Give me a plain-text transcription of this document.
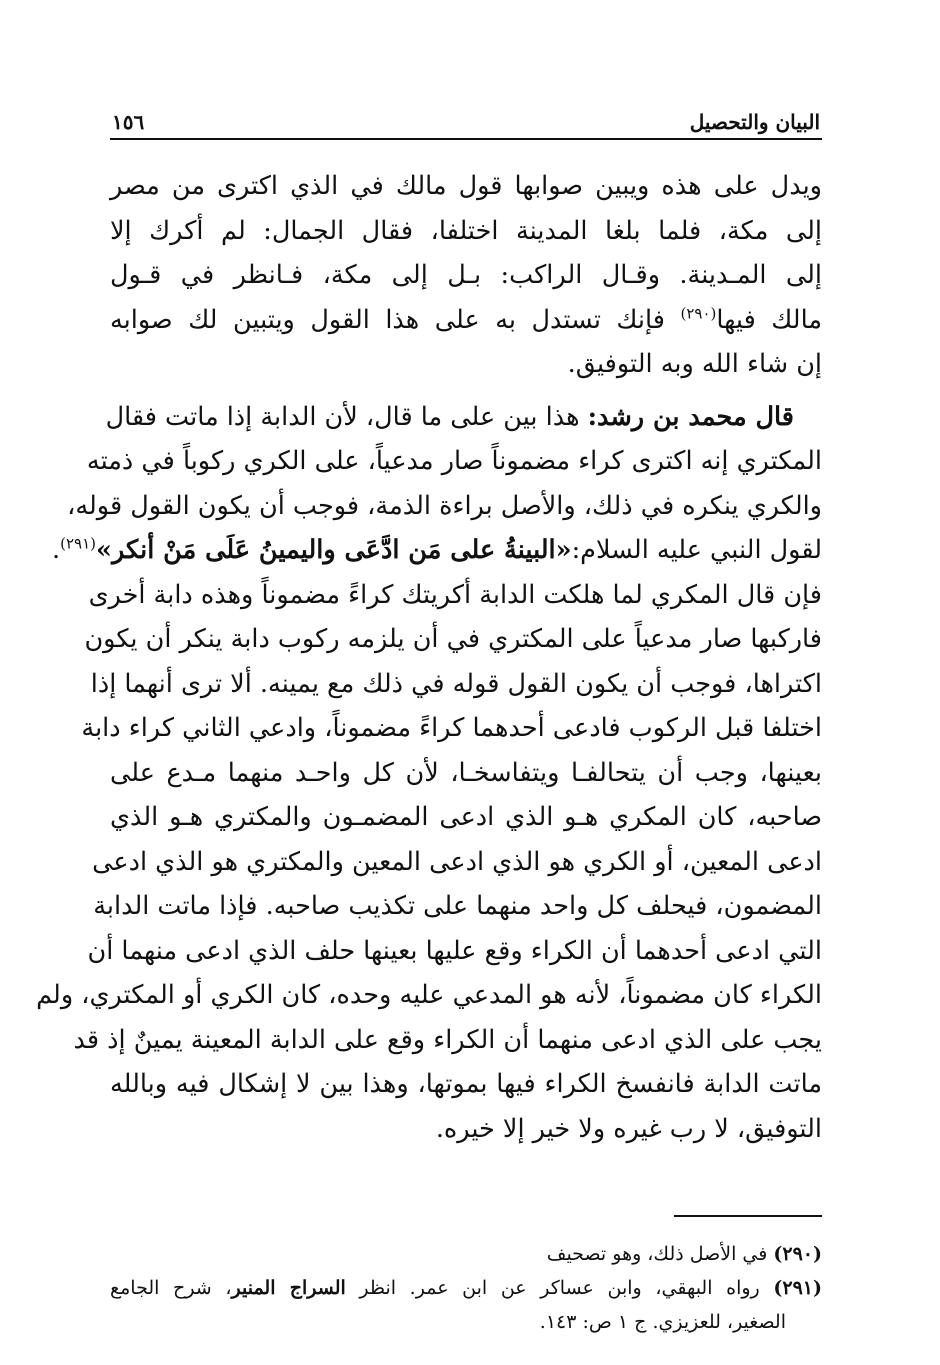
البيان والتحصيل
١٥٦
ويدل على هذه ويبين صوابها قول مالك في الذي اكترى من مصر
إلى مكة، فلما بلغا المدينة اختلفا، فقال الجمال: لم أكرك إلا
إلى المـدينة. وقـال الراكب: بـل إلى مكة، فـانظر في قـول
مالك فيها$^{(٢٩٠)}$ فإنك تستدل به على هذا القول ويتبين لك صوابه
إن شاء الله وبه التوفيق.
قال محمد بن رشد: هذا بين على ما قال، لأن الدابة إذا ماتت فقال
المكتري إنه اكترى كراء مضموناً صار مدعياً، على الكري ركوباً في ذمته
والكري ينكره في ذلك، والأصل براءة الذمة، فوجب أن يكون القول قوله،
لقول النبي عليه السلام:«البينةُ على مَن ادَّعَى واليمينُ عَلَى مَنْ أنكر»$^{(٢٩١)}$.
فإن قال المكري لما هلكت الدابة أكريتك كراءً مضموناً وهذه دابة أخرى
فاركبها صار مدعياً على المكتري في أن يلزمه ركوب دابة ينكر أن يكون
اكتراها، فوجب أن يكون القول قوله في ذلك مع يمينه. ألا ترى أنهما إذا
اختلفا قبل الركوب فادعى أحدهما كراءً مضموناً، وادعي الثاني كراء دابة
بعينها، وجب أن يتحالفـا ويتفاسخـا، لأن كل واحـد منهما مـدع على
صاحبه، كان المكري هـو الذي ادعى المضمـون والمكتري هـو الذي
ادعى المعين، أو الكري هو الذي ادعى المعين والمكتري هو الذي ادعى
المضمون، فيحلف كل واحد منهما على تكذيب صاحبه. فإذا ماتت الدابة
التي ادعى أحدهما أن الكراء وقع عليها بعينها حلف الذي ادعى منهما أن
الكراء كان مضموناً، لأنه هو المدعي عليه وحده، كان الكري أو المكتري، ولم
يجب على الذي ادعى منهما أن الكراء وقع على الدابة المعينة يمينٌ إذ قد
ماتت الدابة فانفسخ الكراء فيها بموتها، وهذا بين لا إشكال فيه وبالله
التوفيق، لا رب غيره ولا خير إلا خيره.
(٢٩٠) في الأصل ذلك، وهو تصحيف
(٢٩١) رواه البهقي، وابن عساكر عن ابن عمر. انظر السراج المنير، شرح الجامع
الصغير، للعزيزي. ج ١ ص: ١٤٣.
